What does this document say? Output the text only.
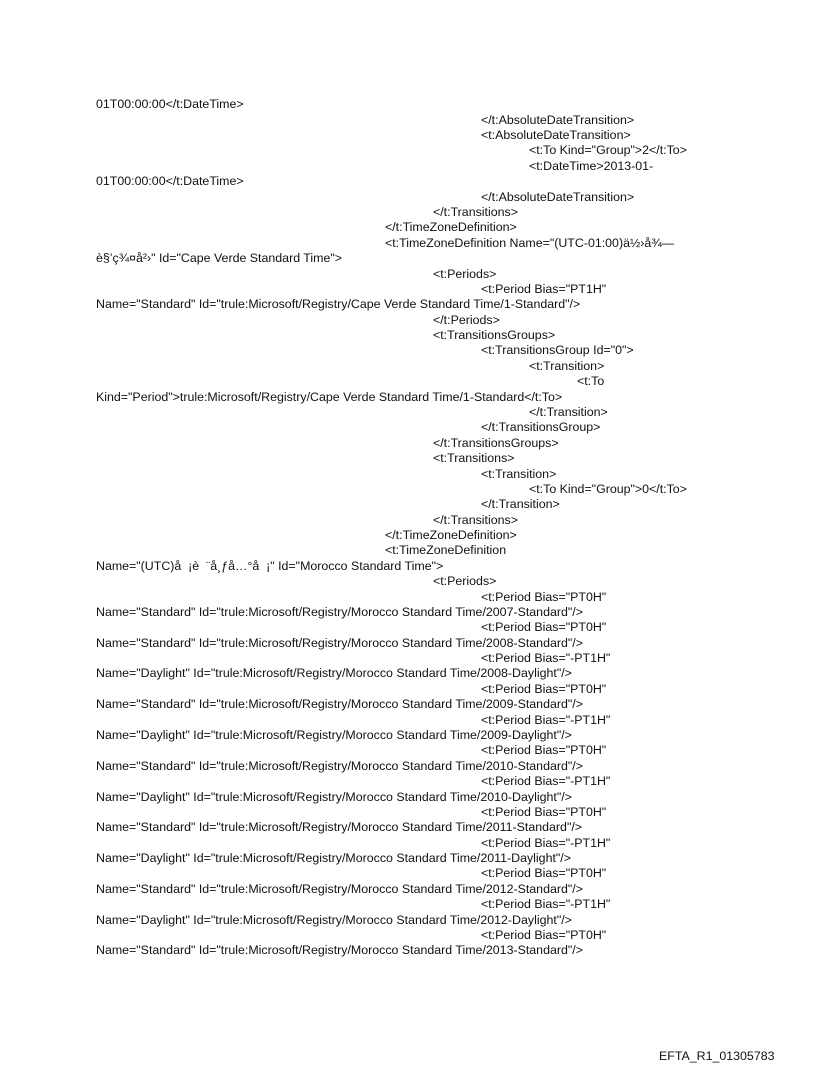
01T00:00:00</t:DateTime>
</t:AbsoluteDateTransition>
<t:AbsoluteDateTransition>
<t:To Kind="Group">2</t:To>
<t:DateTime>2013-01-
01T00:00:00</t:DateTime>
</t:AbsoluteDateTransition>
</t:Transitions>
</t:TimeZoneDefinition>
<t:TimeZoneDefinition Name="(UTC-01:00)ä½›å¾—
è§’ç¾¤å²›" Id="Cape Verde Standard Time">
<t:Periods>
<t:Period Bias="PT1H"
Name="Standard" Id="trule:Microsoft/Registry/Cape Verde Standard Time/1-Standard"/>
</t:Periods>
<t:TransitionsGroups>
<t:TransitionsGroup Id="0">
<t:Transition>
<t:To
Kind="Period">trule:Microsoft/Registry/Cape Verde Standard Time/1-Standard</t:To>
</t:Transition>
</t:TransitionsGroup>
</t:TransitionsGroups>
<t:Transitions>
<t:Transition>
<t:To Kind="Group">0</t:To>
</t:Transition>
</t:Transitions>
</t:TimeZoneDefinition>
<t:TimeZoneDefinition
Name="(UTC)å  ¡è  ¨å¸ƒå…°å  ¡" Id="Morocco Standard Time">
<t:Periods>
<t:Period Bias="PT0H"
Name="Standard" Id="trule:Microsoft/Registry/Morocco Standard Time/2007-Standard"/>
<t:Period Bias="PT0H"
Name="Standard" Id="trule:Microsoft/Registry/Morocco Standard Time/2008-Standard"/>
<t:Period Bias="-PT1H"
Name="Daylight" Id="trule:Microsoft/Registry/Morocco Standard Time/2008-Daylight"/>
<t:Period Bias="PT0H"
Name="Standard" Id="trule:Microsoft/Registry/Morocco Standard Time/2009-Standard"/>
<t:Period Bias="-PT1H"
Name="Daylight" Id="trule:Microsoft/Registry/Morocco Standard Time/2009-Daylight"/>
<t:Period Bias="PT0H"
Name="Standard" Id="trule:Microsoft/Registry/Morocco Standard Time/2010-Standard"/>
<t:Period Bias="-PT1H"
Name="Daylight" Id="trule:Microsoft/Registry/Morocco Standard Time/2010-Daylight"/>
<t:Period Bias="PT0H"
Name="Standard" Id="trule:Microsoft/Registry/Morocco Standard Time/2011-Standard"/>
<t:Period Bias="-PT1H"
Name="Daylight" Id="trule:Microsoft/Registry/Morocco Standard Time/2011-Daylight"/>
<t:Period Bias="PT0H"
Name="Standard" Id="trule:Microsoft/Registry/Morocco Standard Time/2012-Standard"/>
<t:Period Bias="-PT1H"
Name="Daylight" Id="trule:Microsoft/Registry/Morocco Standard Time/2012-Daylight"/>
<t:Period Bias="PT0H"
Name="Standard" Id="trule:Microsoft/Registry/Morocco Standard Time/2013-Standard"/>
EFTA_R1_01305783
